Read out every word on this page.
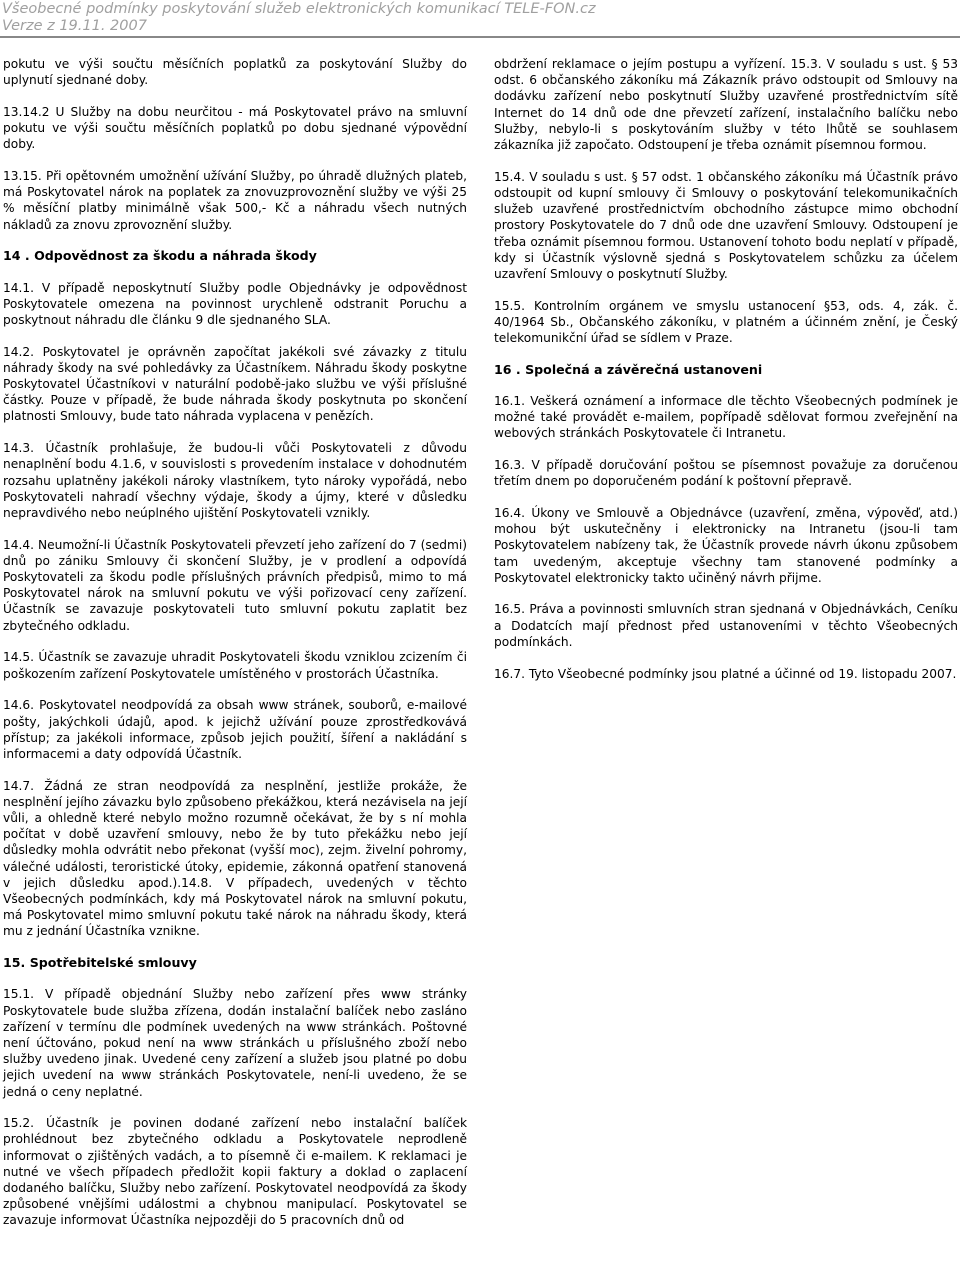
Všeobecné podmínky poskytování služeb elektronických komunikací TELE-FON.cz
Verze z 19.11. 2007
pokutu ve výši součtu měsíčních poplatků za poskytování Služby do uplynutí sjednané doby.
13.14.2 U Služby na dobu neurčitou - má Poskytovatel právo na smluvní pokutu ve výši součtu měsíčních poplatků po dobu sjednané výpovědní doby.
13.15. Při opětovném umožnění užívání Služby, po úhradě dlužných plateb, má Poskytovatel nárok na poplatek za znovuzprovoznění služby ve výši 25 % měsíční platby minimálně však 500,- Kč a náhradu všech nutných nákladů za znovu zprovoznění služby.
14 . Odpovědnost za škodu a náhrada škody
14.1. V případě neposkytnutí Služby podle Objednávky je odpovědnost Poskytovatele omezena na povinnost urychleně odstranit Poruchu a poskytnout náhradu dle článku 9 dle sjednaného SLA.
14.2. Poskytovatel je oprávněn započítat jakékoli své závazky z titulu náhrady škody na své pohledávky za Účastníkem. Náhradu škody poskytne Poskytovatel Účastníkovi v naturální podobě-jako službu ve výši příslušné částky. Pouze v případě, že bude náhrada škody poskytnuta po skončení platnosti Smlouvy, bude tato náhrada vyplacena v penězích.
14.3. Účastník prohlašuje, že budou-li vůči Poskytovateli z důvodu nenaplnění bodu 4.1.6, v souvislosti s provedením instalace v dohodnutém rozsahu uplatněny jakékoli nároky vlastníkem, tyto nároky vypořádá, nebo Poskytovateli nahradí všechny výdaje, škody a újmy, které v důsledku nepravdivého nebo neúplného ujištění Poskytovateli vznikly.
14.4. Neumožní-li Účastník Poskytovateli převzetí jeho zařízení do 7 (sedmi) dnů po zániku Smlouvy či skončení Služby, je v prodlení a odpovídá Poskytovateli za škodu podle příslušných právních předpisů, mimo to má Poskytovatel nárok na smluvní pokutu ve výši pořizovací ceny zařízení. Účastník se zavazuje poskytovateli tuto smluvní pokutu zaplatit bez zbytečného odkladu.
14.5. Účastník se zavazuje uhradit Poskytovateli škodu vzniklou zcizením či poškozením zařízení Poskytovatele umístěného v prostorách Účastníka.
14.6. Poskytovatel neodpovídá za obsah www stránek, souborů, e-mailové pošty, jakýchkoli údajů, apod. k jejichž užívání pouze zprostředkovává přístup; za jakékoli informace, způsob jejich použití, šíření a nakládání s informacemi a daty odpovídá Účastník.
14.7. Žádná ze stran neodpovídá za nesplnění, jestliže prokáže, že nesplnění jejího závazku bylo způsobeno překážkou, která nezávisela na její vůli, a ohledně které nebylo možno rozumně očekávat, že by s ní mohla počítat v době uzavření smlouvy, nebo že by tuto překážku nebo její důsledky mohla odvrátit nebo překonat (vyšší moc), zejm. živelní pohromy, válečné události, teroristické útoky, epidemie, zákonná opatření stanovená v jejich důsledku apod.).14.8. V případech, uvedených v těchto Všeobecných podmínkách, kdy má Poskytovatel nárok na smluvní pokutu, má Poskytovatel mimo smluvní pokutu také nárok na náhradu škody, která mu z jednání Účastníka vznikne.
15. Spotřebitelské smlouvy
15.1. V případě objednání Služby nebo zařízení přes www stránky Poskytovatele bude služba zřízena, dodán instalační balíček nebo zasláno zařízení v termínu dle podmínek uvedených na www stránkách. Poštovné není účtováno, pokud není na www stránkách u příslušného zboží nebo služby uvedeno jinak. Uvedené ceny zařízení a služeb jsou platné po dobu jejich uvedení na www stránkách Poskytovatele, není-li uvedeno, že se jedná o ceny neplatné.
15.2. Účastník je povinen dodané zařízení nebo instalační balíček prohlédnout bez zbytečného odkladu a Poskytovatele neprodleně informovat o zjištěných vadách, a to písemně či e-mailem. K reklamaci je nutné ve všech případech předložit kopii faktury a doklad o zaplacení dodaného balíčku, Služby nebo zařízení. Poskytovatel neodpovídá za škody způsobené vnějšími událostmi a chybnou manipulací. Poskytovatel se zavazuje informovat Účastníka nejpozději do 5 pracovních dnů od
obdržení reklamace o jejím postupu a vyřízení. 15.3. V souladu s ust. § 53 odst. 6 občanského zákoníku má Zákazník právo odstoupit od Smlouvy na dodávku zařízení nebo poskytnutí Služby uzavřené prostřednictvím sítě Internet do 14 dnů ode dne převzetí zařízení, instalačního balíčku nebo Služby, nebylo-li s poskytováním služby v této lhůtě se souhlasem zákazníka již započato. Odstoupení je třeba oznámit písemnou formou.
15.4. V souladu s ust. § 57 odst. 1 občanského zákoníku má Účastník právo odstoupit od kupní smlouvy či Smlouvy o poskytování telekomunikačních služeb uzavřené prostřednictvím obchodního zástupce mimo obchodní prostory Poskytovatele do 7 dnů ode dne uzavření Smlouvy. Odstoupení je třeba oznámit písemnou formou. Ustanovení tohoto bodu neplatí v případě, kdy si Účastník výslovně sjedná s Poskytovatelem schůzku za účelem uzavření Smlouvy o poskytnutí Služby.
15.5. Kontrolním orgánem ve smyslu ustanocení §53, ods. 4, zák. č. 40/1964 Sb., Občanského zákoníku, v platném a účinném znění, je Český telekomunikční úřad se sídlem v Praze.
16 . Společná a závěrečná ustanoveni
16.1. Veškerá oznámení a informace dle těchto Všeobecných podmínek je možné také provádět e-mailem, popřípadě sdělovat formou zveřejnění na webových stránkách Poskytovatele či Intranetu.
16.3. V případě doručování poštou se písemnost považuje za doručenou třetím dnem po doporučeném podání k poštovní přepravě.
16.4. Úkony ve Smlouvě a Objednávce (uzavření, změna, výpověď, atd.) mohou být uskutečněny i elektronicky na Intranetu (jsou-li tam Poskytovatelem nabízeny tak, že Účastník provede návrh úkonu způsobem tam uvedeným, akceptuje všechny tam stanovené podmínky a Poskytovatel elektronicky takto učiněný návrh přijme.
16.5. Práva a povinnosti smluvních stran sjednaná v Objednávkách, Ceníku a Dodatcích mají přednost před ustanoveními v těchto Všeobecných podmínkách.
16.7. Tyto Všeobecné podmínky jsou platné a účinné od 19. listopadu 2007.
